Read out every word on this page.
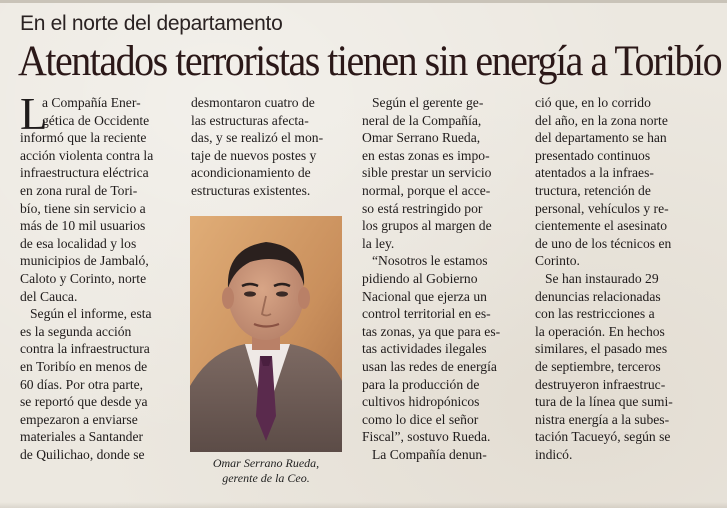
En el norte del departamento
Atentados terroristas tienen sin energía a Toribío
L
a Compañía Ener-
gética de Occidente
informó que la reciente
acción violenta contra la
infraestructura eléctrica
en zona rural de Tori-
bío, tiene sin servicio a
más de 10 mil usuarios
de esa localidad y los
municipios de Jambaló,
Caloto y Corinto, norte
del Cauca.
Según el informe, esta
es la segunda acción
contra la infraestructura
en Toribío en menos de
60 días. Por otra parte,
se reportó que desde ya
empezaron a enviarse
materiales a Santander
de Quilichao, donde se
desmontaron cuatro de
las estructuras afecta-
das, y se realizó el mon-
taje de nuevos postes y
acondicionamiento de
estructuras existentes.
Omar Serrano Rueda,
gerente de la Ceo.
Según el gerente ge-
neral de la Compañía,
Omar Serrano Rueda,
en estas zonas es impo-
sible prestar un servicio
normal, porque el acce-
so está restringido por
los grupos al margen de
la ley.
“Nosotros le estamos
pidiendo al Gobierno
Nacional que ejerza un
control territorial en es-
tas zonas, ya que para es-
tas actividades ilegales
usan las redes de energía
para la producción de
cultivos hidropónicos
como lo dice el señor
Fiscal”, sostuvo Rueda.
La Compañía denun-
ció que, en lo corrido
del año, en la zona norte
del departamento se han
presentado continuos
atentados a la infraes-
tructura, retención de
personal, vehículos y re-
cientemente el asesinato
de uno de los técnicos en
Corinto.
Se han instaurado 29
denuncias relacionadas
con las restricciones a
la operación. En hechos
similares, el pasado mes
de septiembre, terceros
destruyeron infraestruc-
tura de la línea que sumi-
nistra energía a la subes-
tación Tacueyó, según se
indicó.
